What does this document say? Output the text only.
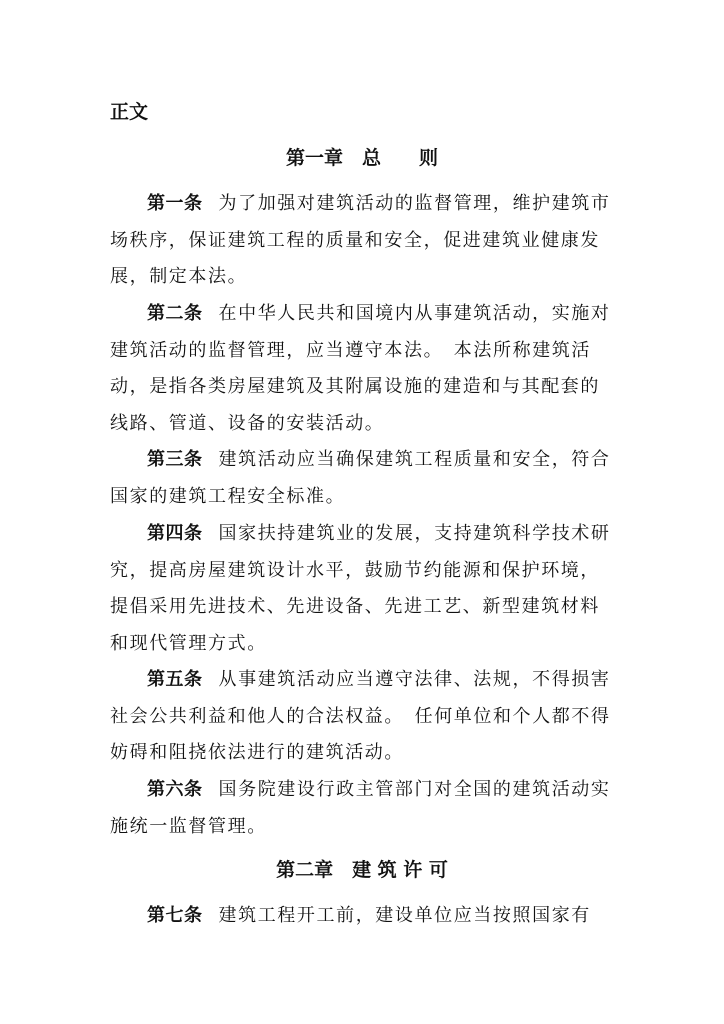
正文
第一章　总　　则

第一条 为了加强对建筑活动的监督管理，维护建筑市场秩序，保证建筑工程的质量和安全，促进建筑业健康发展，制定本法。

第二条 在中华人民共和国境内从事建筑活动，实施对建筑活动的监督管理，应当遵守本法。　本法所称建筑活动，是指各类房屋建筑及其附属设施的建造和与其配套的线路、管道、设备的安装活动。

第三条 建筑活动应当确保建筑工程质量和安全，符合国家的建筑工程安全标准。

第四条 国家扶持建筑业的发展，支持建筑科学技术研究，提高房屋建筑设计水平，鼓励节约能源和保护环境，提倡采用先进技术、先进设备、先进工艺、新型建筑材料和现代管理方式。

第五条 从事建筑活动应当遵守法律、法规，不得损害社会公共利益和他人的合法权益。　任何单位和个人都不得妨碍和阻挠依法进行的建筑活动。

第六条 国务院建设行政主管部门对全国的建筑活动实施统一监督管理。

第二章　建 筑 许 可

第七条 建筑工程开工前，建设单位应当按照国家有
